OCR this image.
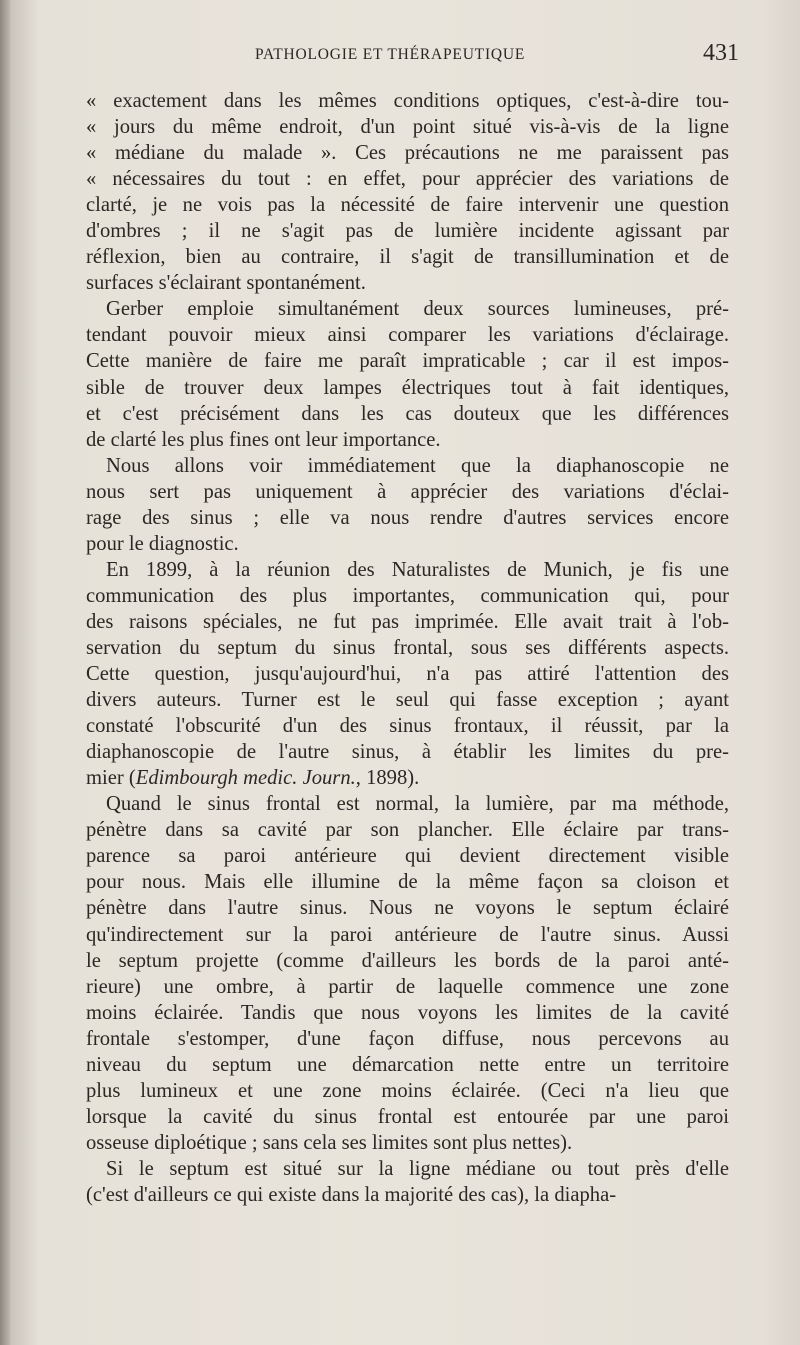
PATHOLOGIE ET THÉRAPEUTIQUE	431
« exactement dans les mêmes conditions optiques, c'est-à-dire tou-
« jours du même endroit, d'un point situé vis-à-vis de la ligne
« médiane du malade ». Ces précautions ne me paraissent pas
« nécessaires du tout : en effet, pour apprécier des variations de
clarté, je ne vois pas la nécessité de faire intervenir une question
d'ombres ; il ne s'agit pas de lumière incidente agissant par
réflexion, bien au contraire, il s'agit de transillumination et de
surfaces s'éclairant spontanément.
Gerber emploie simultanément deux sources lumineuses, pré-
tendant pouvoir mieux ainsi comparer les variations d'éclairage.
Cette manière de faire me paraît impraticable ; car il est impos-
sible de trouver deux lampes électriques tout à fait identiques,
et c'est précisément dans les cas douteux que les différences
de clarté les plus fines ont leur importance.
Nous allons voir immédiatement que la diaphanoscopie ne
nous sert pas uniquement à apprécier des variations d'éclai-
rage des sinus ; elle va nous rendre d'autres services encore
pour le diagnostic.
En 1899, à la réunion des Naturalistes de Munich, je fis une
communication des plus importantes, communication qui, pour
des raisons spéciales, ne fut pas imprimée. Elle avait trait à l'ob-
servation du septum du sinus frontal, sous ses différents aspects.
Cette question, jusqu'aujourd'hui, n'a pas attiré l'attention des
divers auteurs. Turner est le seul qui fasse exception ; ayant
constaté l'obscurité d'un des sinus frontaux, il réussit, par la
diaphanoscopie de l'autre sinus, à établir les limites du pre-
mier (Edimbourgh medic. Journ., 1898).
Quand le sinus frontal est normal, la lumière, par ma méthode,
pénètre dans sa cavité par son plancher. Elle éclaire par trans-
parence sa paroi antérieure qui devient directement visible
pour nous. Mais elle illumine de la même façon sa cloison et
pénètre dans l'autre sinus. Nous ne voyons le septum éclairé
qu'indirectement sur la paroi antérieure de l'autre sinus. Aussi
le septum projette (comme d'ailleurs les bords de la paroi anté-
rieure) une ombre, à partir de laquelle commence une zone
moins éclairée. Tandis que nous voyons les limites de la cavité
frontale s'estomper, d'une façon diffuse, nous percevons au
niveau du septum une démarcation nette entre un territoire
plus lumineux et une zone moins éclairée. (Ceci n'a lieu que
lorsque la cavité du sinus frontal est entourée par une paroi
osseuse diploétique ; sans cela ses limites sont plus nettes).
Si le septum est situé sur la ligne médiane ou tout près d'elle
(c'est d'ailleurs ce qui existe dans la majorité des cas), la diapha-
